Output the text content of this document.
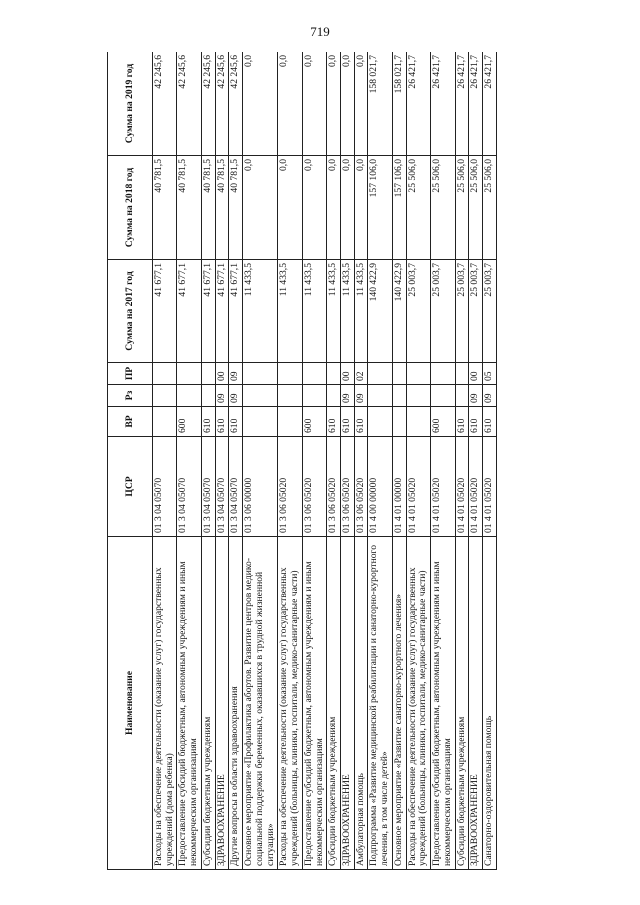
719
Наименование	ЦСР	ВР	Рз	ПР	Сумма на 2017 год	Сумма на 2018 год	Сумма на 2019 год
Расходы на обеспечение деятельности (оказание услуг) государственных учреждений (дома ребенка)	01 3 04 05070				41 677,1	40 781,5	42 245,6
Предоставление субсидий бюджетным, автономным учреждениям и иным некоммерческим организациям	01 3 04 05070	600			41 677,1	40 781,5	42 245,6
Субсидии бюджетным учреждениям	01 3 04 05070	610			41 677,1	40 781,5	42 245,6
ЗДРАВООХРАНЕНИЕ	01 3 04 05070	610	09	00	41 677,1	40 781,5	42 245,6
Другие вопросы в области здравоохранения	01 3 04 05070	610	09	09	41 677,1	40 781,5	42 245,6
Основное мероприятие «Профилактика абортов. Развитие центров медико-социальной поддержки беременных, оказавшихся в трудной жизненной ситуации»	01 3 06 00000				11 433,5	0,0	0,0
Расходы на обеспечение деятельности (оказание услуг) государственных учреждений (больницы, клиники, госпитали, медико-санитарные части)	01 3 06 05020				11 433,5	0,0	0,0
Предоставление субсидий бюджетным, автономным учреждениям и иным некоммерческим организациям	01 3 06 05020	600			11 433,5	0,0	0,0
Субсидии бюджетным учреждениям	01 3 06 05020	610			11 433,5	0,0	0,0
ЗДРАВООХРАНЕНИЕ	01 3 06 05020	610	09	00	11 433,5	0,0	0,0
Амбулаторная помощь	01 3 06 05020	610	09	02	11 433,5	0,0	0,0
Подпрограмма «Развитие медицинской реабилитации и санаторно-курортного лечения, в том числе детей»	01 4 00 00000				140 422,9	157 106,0	158 021,7
Основное мероприятие «Развитие санаторно-курортного лечения»	01 4 01 00000				140 422,9	157 106,0	158 021,7
Расходы на обеспечение деятельности (оказание услуг) государственных учреждений (больницы, клиники, госпитали, медико-санитарные части)	01 4 01 05020				25 003,7	25 506,0	26 421,7
Предоставление субсидий бюджетным, автономным учреждениям и иным некоммерческим организациям	01 4 01 05020	600			25 003,7	25 506,0	26 421,7
Субсидии бюджетным учреждениям	01 4 01 05020	610			25 003,7	25 506,0	26 421,7
ЗДРАВООХРАНЕНИЕ	01 4 01 05020	610	09	00	25 003,7	25 506,0	26 421,7
Санаторно-оздоровительная помощь	01 4 01 05020	610	09	05	25 003,7	25 506,0	26 421,7
